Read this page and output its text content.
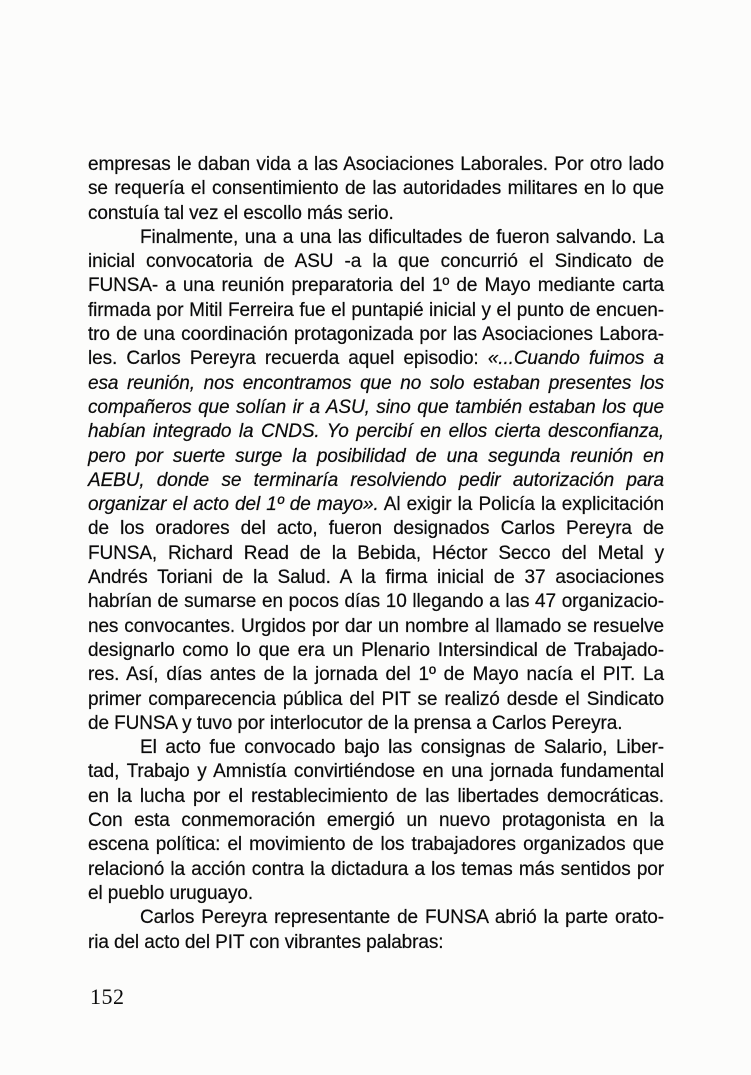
empresas le daban vida a las Asociaciones Laborales. Por otro lado
se requería el consentimiento de las autoridades militares en lo que
constuía tal vez el escollo más serio.
Finalmente, una a una las dificultades de fueron salvando. La
inicial convocatoria de ASU -a la que concurrió el Sindicato de
FUNSA- a una reunión preparatoria del 1º de Mayo mediante carta
firmada por Mitil Ferreira fue el puntapié inicial y el punto de encuen-
tro de una coordinación protagonizada por las Asociaciones Labora-
les. Carlos Pereyra recuerda aquel episodio: «...Cuando fuimos a
esa reunión, nos encontramos que no solo estaban presentes los
compañeros que solían ir a ASU, sino que también estaban los que
habían integrado la CNDS. Yo percibí en ellos cierta desconfianza,
pero por suerte surge la posibilidad de una segunda reunión en
AEBU, donde se terminaría resolviendo pedir autorización para
organizar el acto del 1º de mayo». Al exigir la Policía la explicitación
de los oradores del acto, fueron designados Carlos Pereyra de
FUNSA, Richard Read de la Bebida, Héctor Secco del Metal y
Andrés Toriani de la Salud. A la firma inicial de 37 asociaciones
habrían de sumarse en pocos días 10 llegando a las 47 organizacio-
nes convocantes. Urgidos por dar un nombre al llamado se resuelve
designarlo como lo que era un Plenario Intersindical de Trabajado-
res. Así, días antes de la jornada del 1º de Mayo nacía el PIT. La
primer comparecencia pública del PIT se realizó desde el Sindicato
de FUNSA y tuvo por interlocutor de la prensa a Carlos Pereyra.
El acto fue convocado bajo las consignas de Salario, Liber-
tad, Trabajo y Amnistía convirtiéndose en una jornada fundamental
en la lucha por el restablecimiento de las libertades democráticas.
Con esta conmemoración emergió un nuevo protagonista en la
escena política: el movimiento de los trabajadores organizados que
relacionó la acción contra la dictadura a los temas más sentidos por
el pueblo uruguayo.
Carlos Pereyra representante de FUNSA abrió la parte orato-
ria del acto del PIT con vibrantes palabras:
152
